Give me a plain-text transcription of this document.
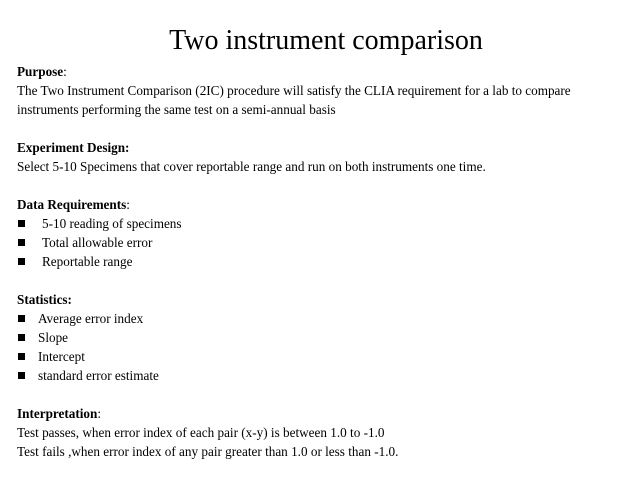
Two instrument comparison
Purpose:
The Two Instrument Comparison (2IC) procedure will satisfy the CLIA requirement for a lab to compare instruments performing the same test on a semi-annual basis
Experiment Design:
Select 5-10 Specimens that cover reportable range and run on both instruments one time.
Data Requirements:
5-10 reading of specimens
Total allowable error
Reportable range
Statistics:
Average error index
Slope
Intercept
standard error estimate
Interpretation:
Test passes, when error index of each pair (x-y) is between 1.0 to -1.0
Test fails ,when error index of any pair greater than 1.0 or less than -1.0.
